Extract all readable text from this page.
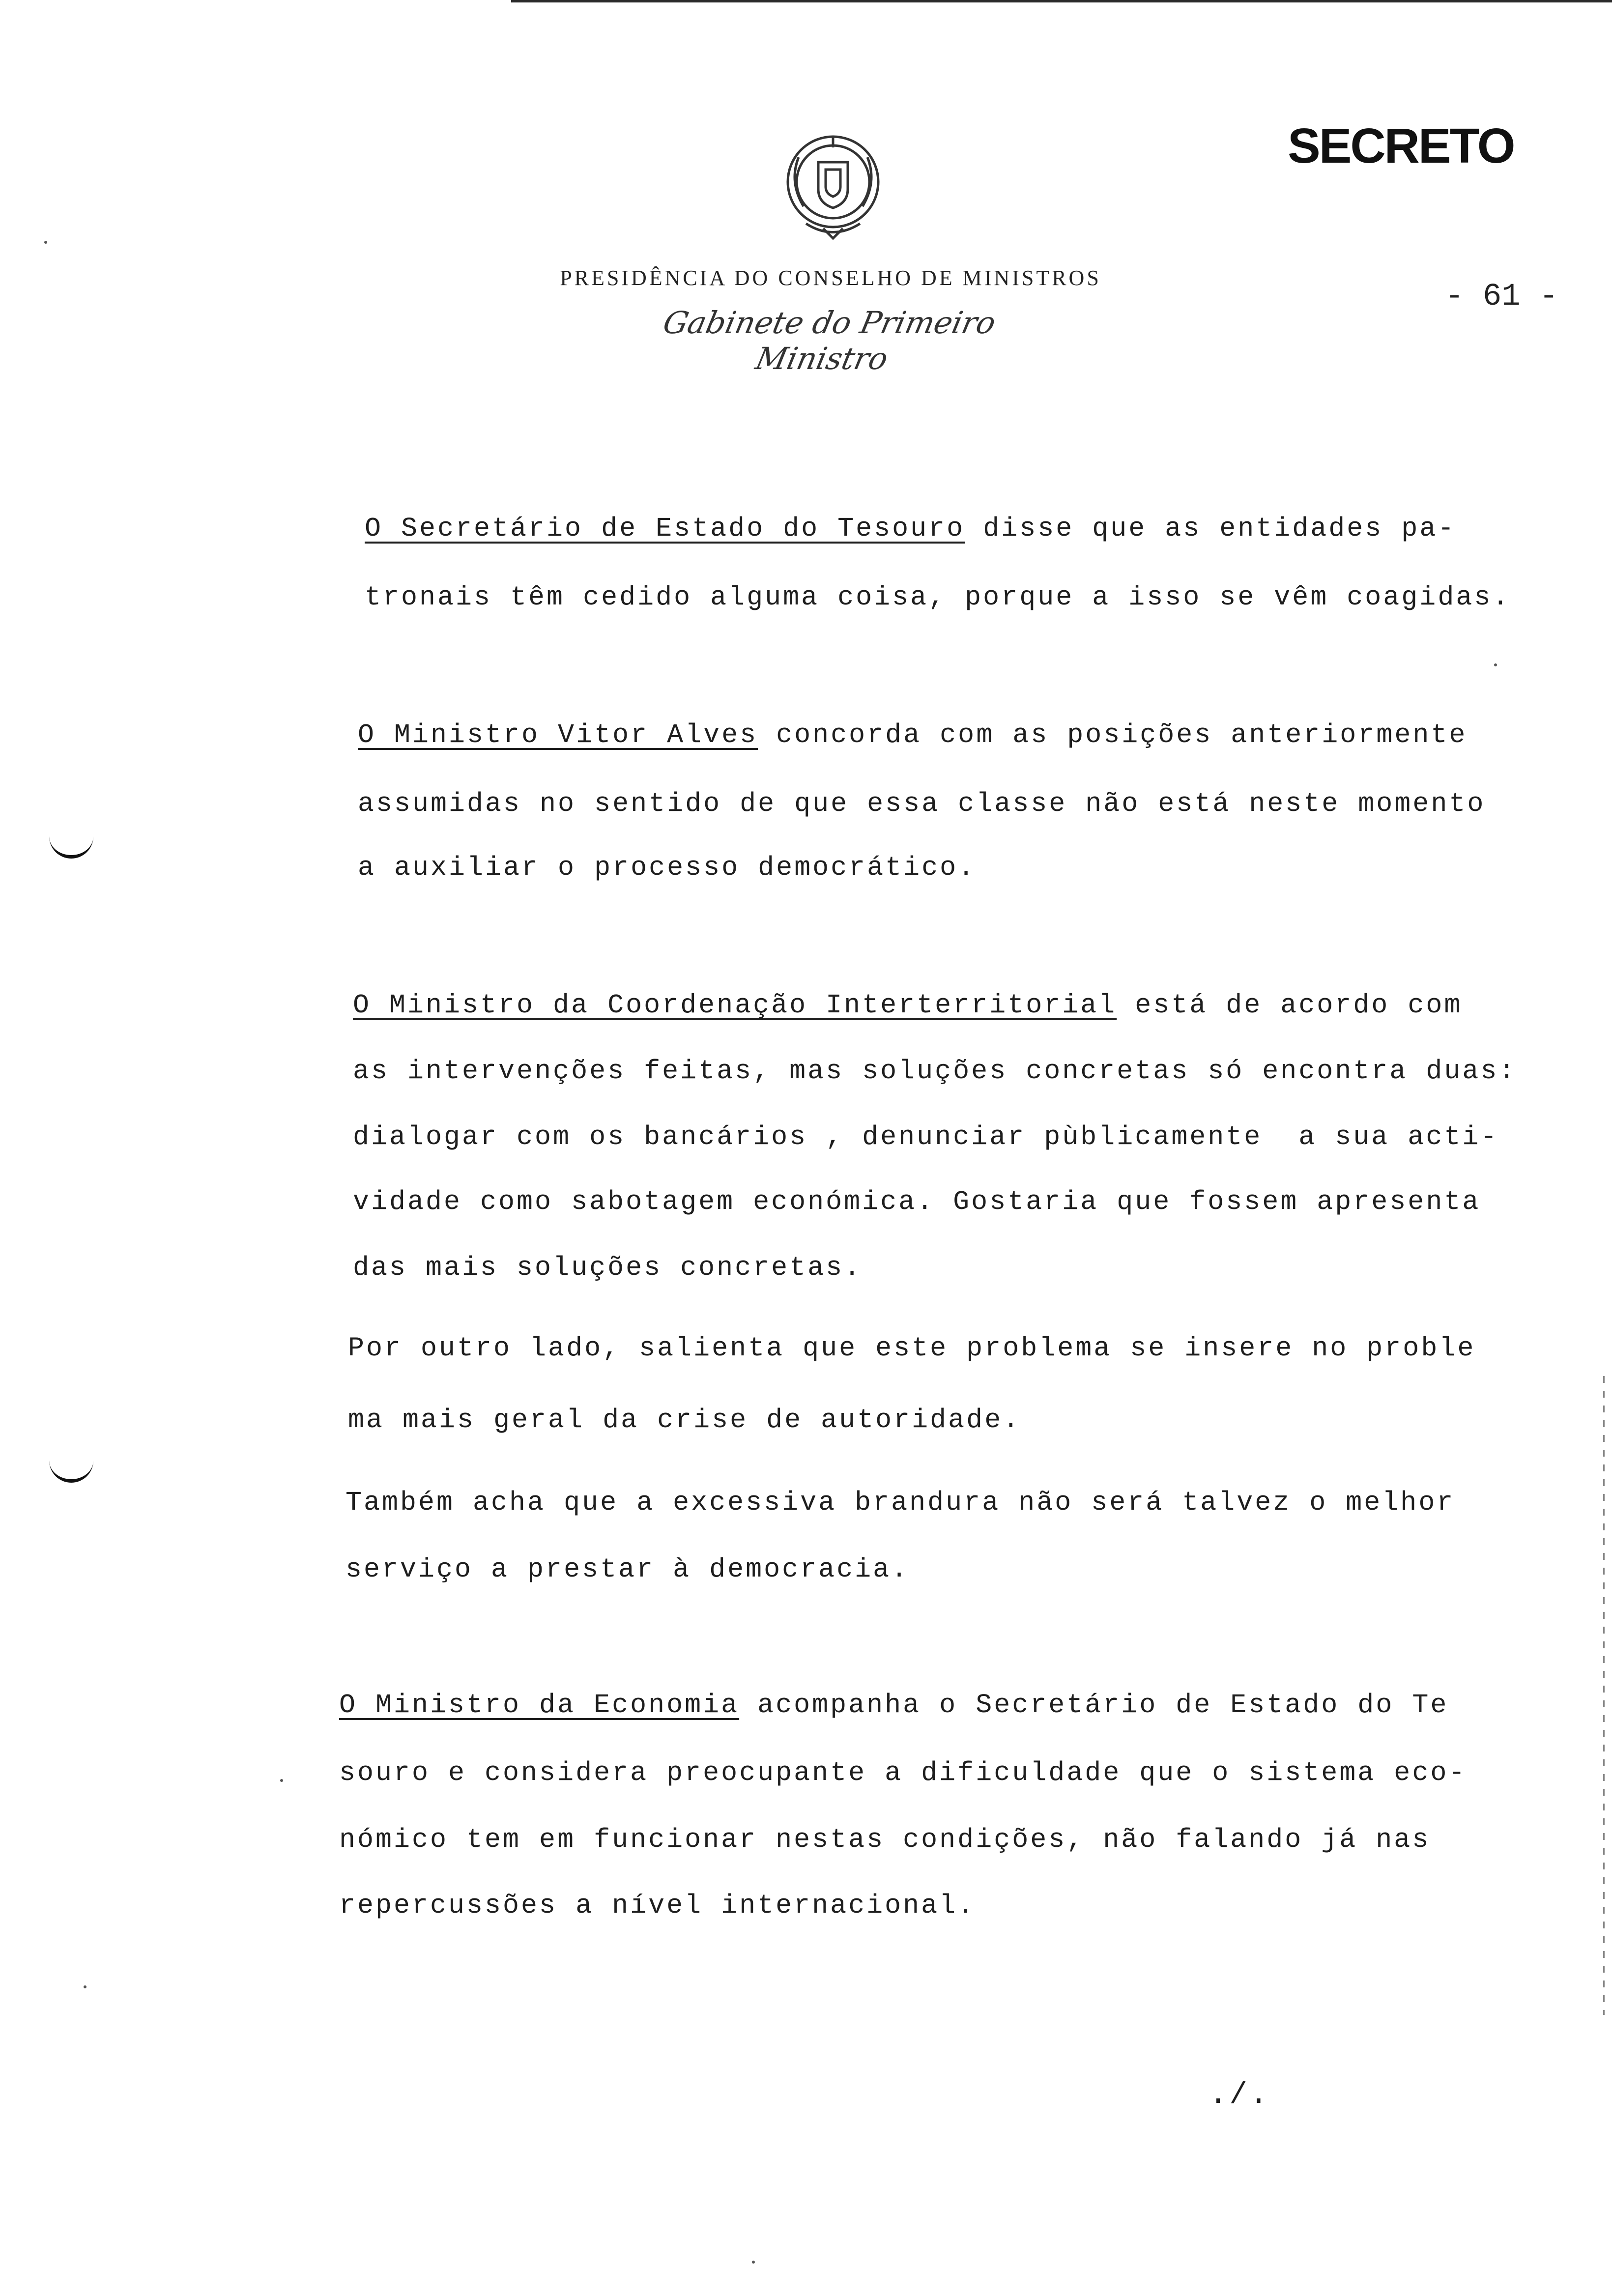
SECRETO
- 61 -
PRESIDÊNCIA DO CONSELHO DE MINISTROS
Gabinete do Primeiro Ministro
O Secretário de Estado do Tesouro disse que as entidades pa-
tronais têm cedido alguma coisa, porque a isso se vêm coagidas.
O Ministro Vitor Alves concorda com as posições anteriormente
assumidas no sentido de que essa classe não está neste momento
a auxiliar o processo democrático.
O Ministro da Coordenação Interterritorial está de acordo com
as intervenções feitas, mas soluções concretas só encontra duas:
dialogar com os bancários , denunciar pùblicamente  a sua acti-
vidade como sabotagem económica. Gostaria que fossem apresenta
das mais soluções concretas.
Por outro lado, salienta que este problema se insere no proble
ma mais geral da crise de autoridade.
Também acha que a excessiva brandura não será talvez o melhor
serviço a prestar à democracia.
O Ministro da Economia acompanha o Secretário de Estado do Te
souro e considera preocupante a dificuldade que o sistema eco-
nómico tem em funcionar nestas condições, não falando já nas
repercussões a nível internacional.
./.
